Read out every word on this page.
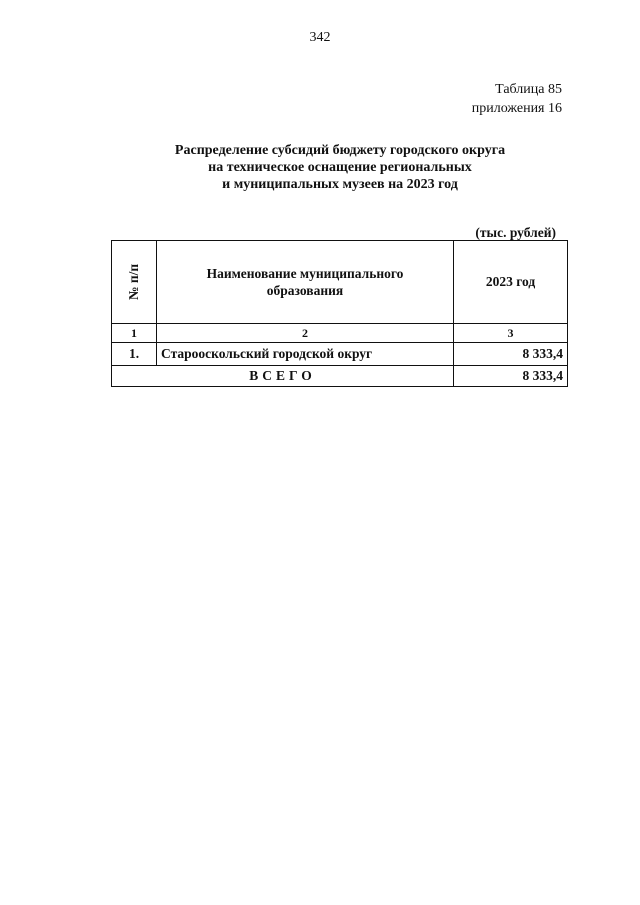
342
Таблица 85
приложения 16
Распределение субсидий бюджету городского округа
на техническое оснащение региональных
и муниципальных музеев на 2023 год
(тыс. рублей)
№ п/п	Наименование муниципального образования	2023 год
1	2	3
1.	Старооскольский городской округ	8 333,4
ВСЕГО		8 333,4
